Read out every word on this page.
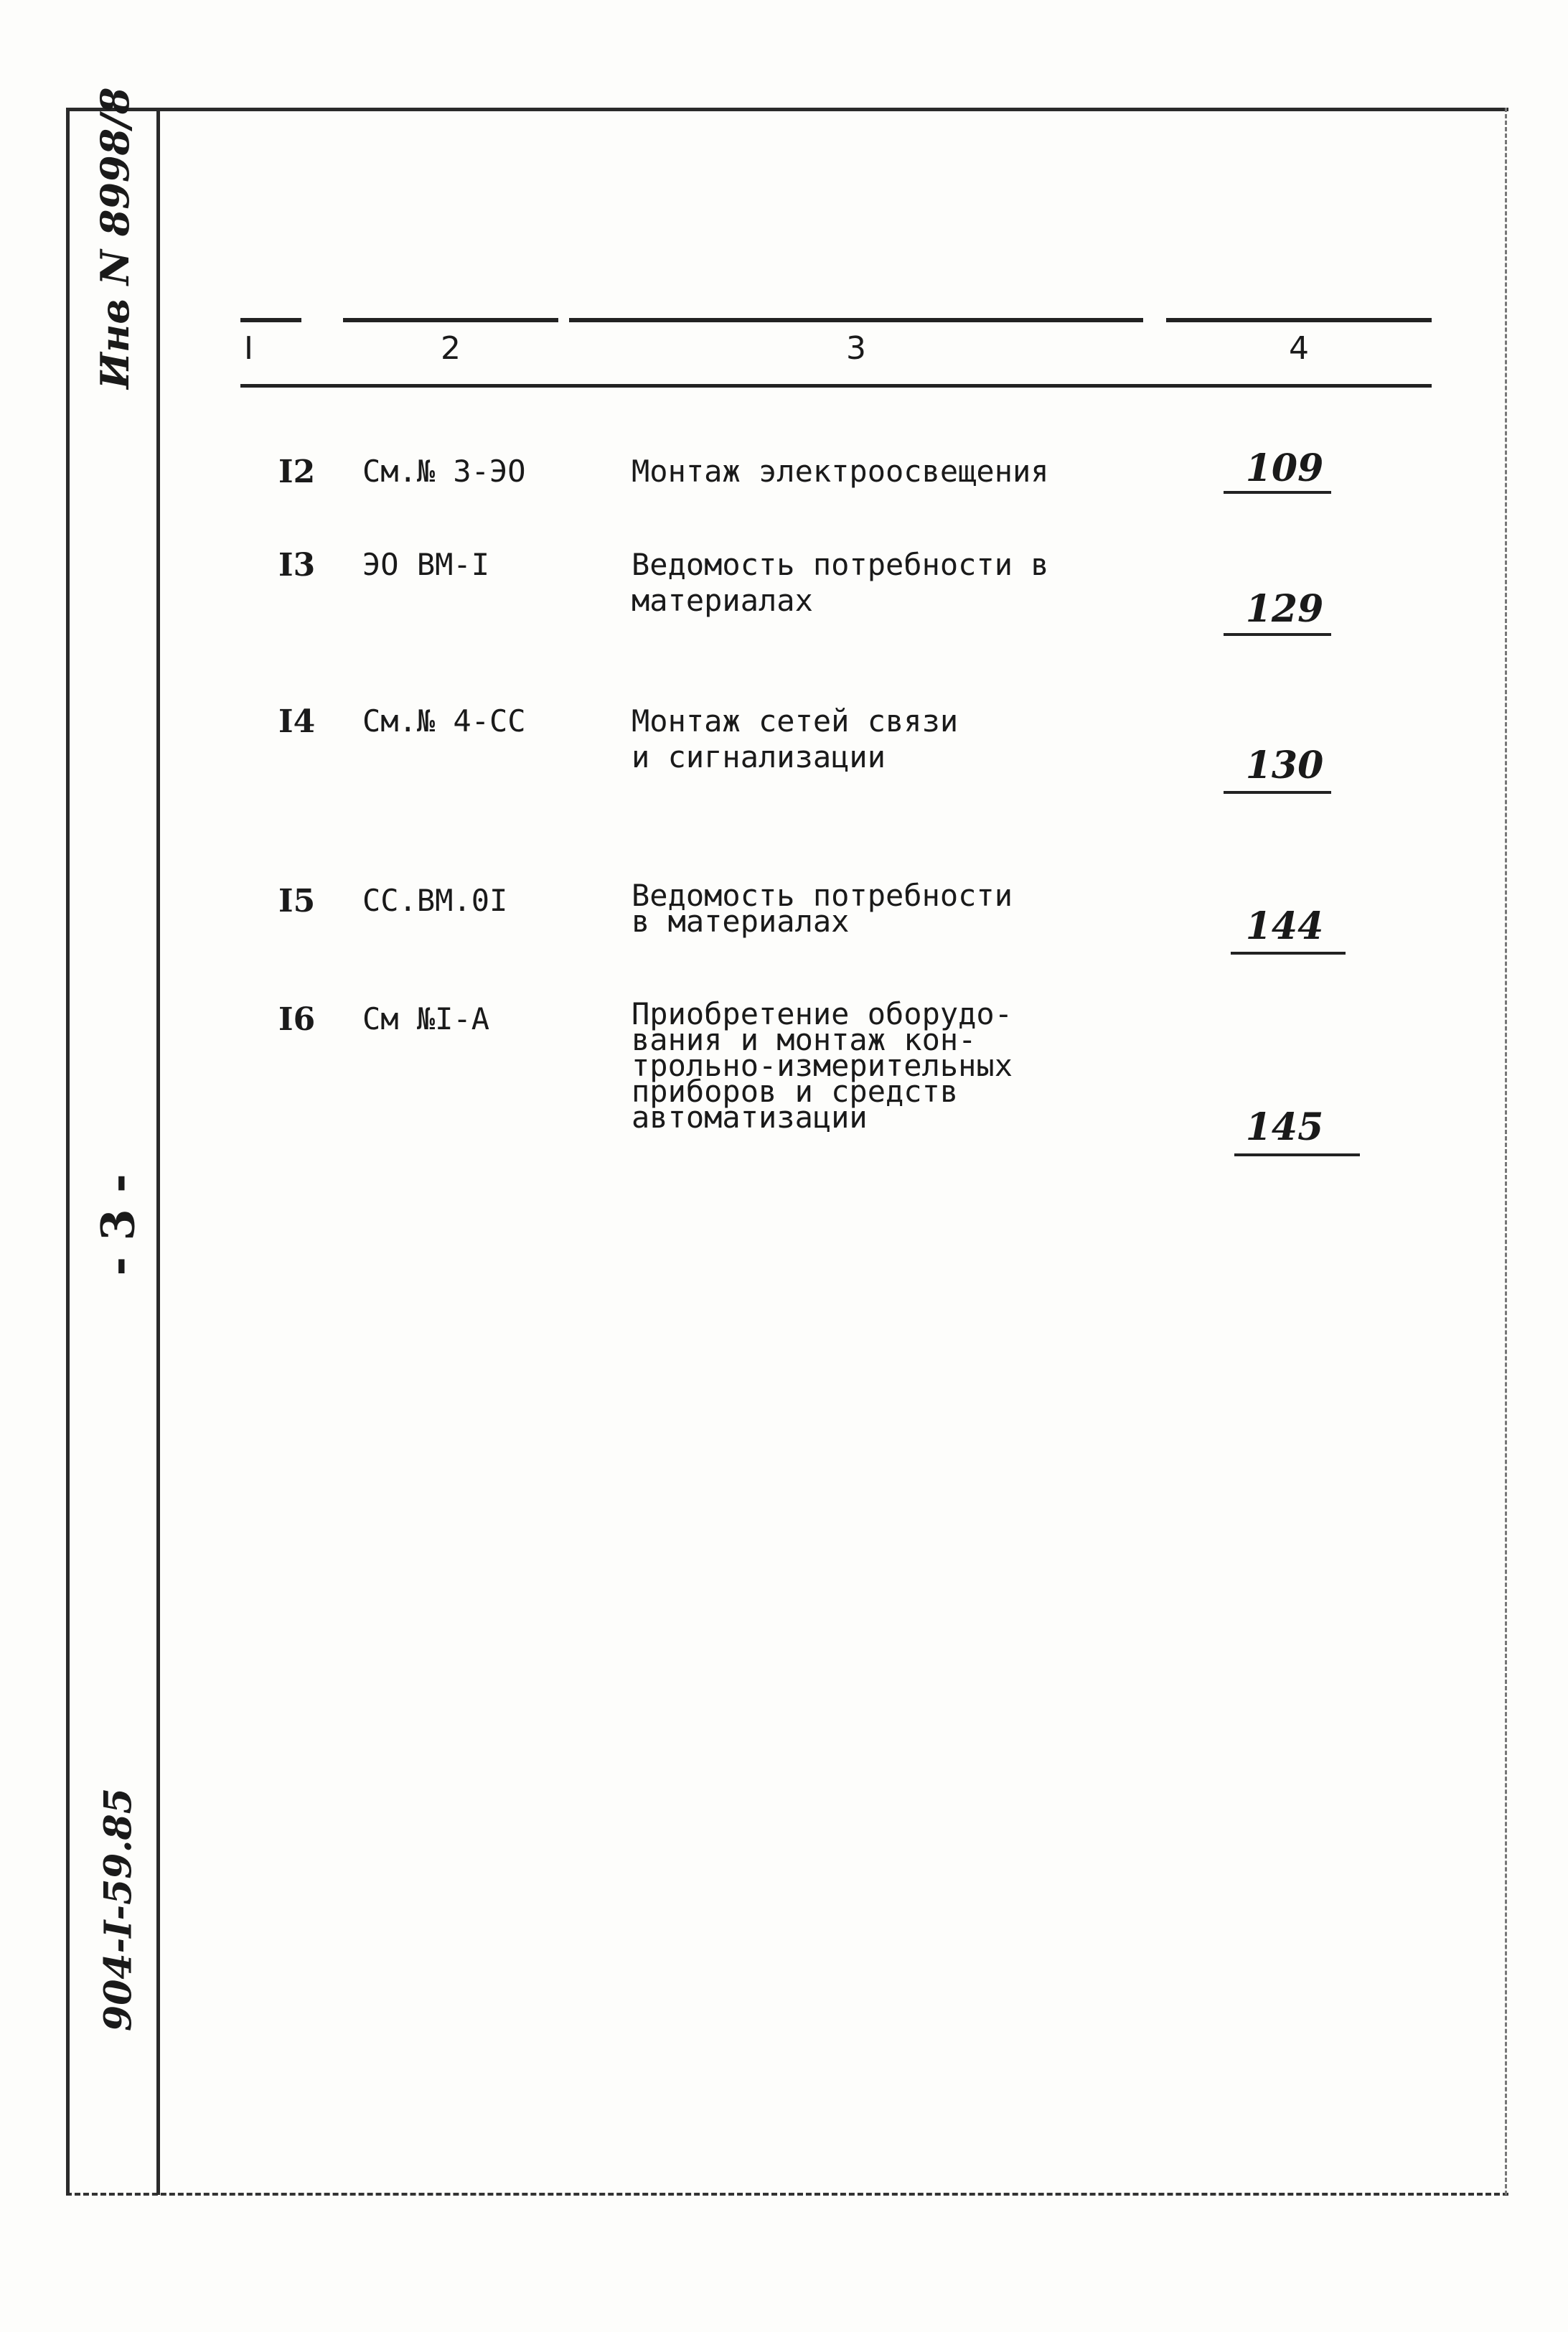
Инв N 8998/8
- 3 -
904-I-59.85
I	2	3	4
I2 См.№ 3-ЭО	Монтаж электроосвещения	109
I3 ЭО ВМ-I	Ведомость потребности в
материалах	129
I4 См.№ 4-СС	Монтаж сетей связи
и сигнализации	130
I5 СС.ВМ.0I	Ведомость потребности
в материалах	144
I6 См №I-А	Приобретение оборудо-
вания и монтаж кон-
трольно-измерительных
приборов и средств
автоматизации	145
